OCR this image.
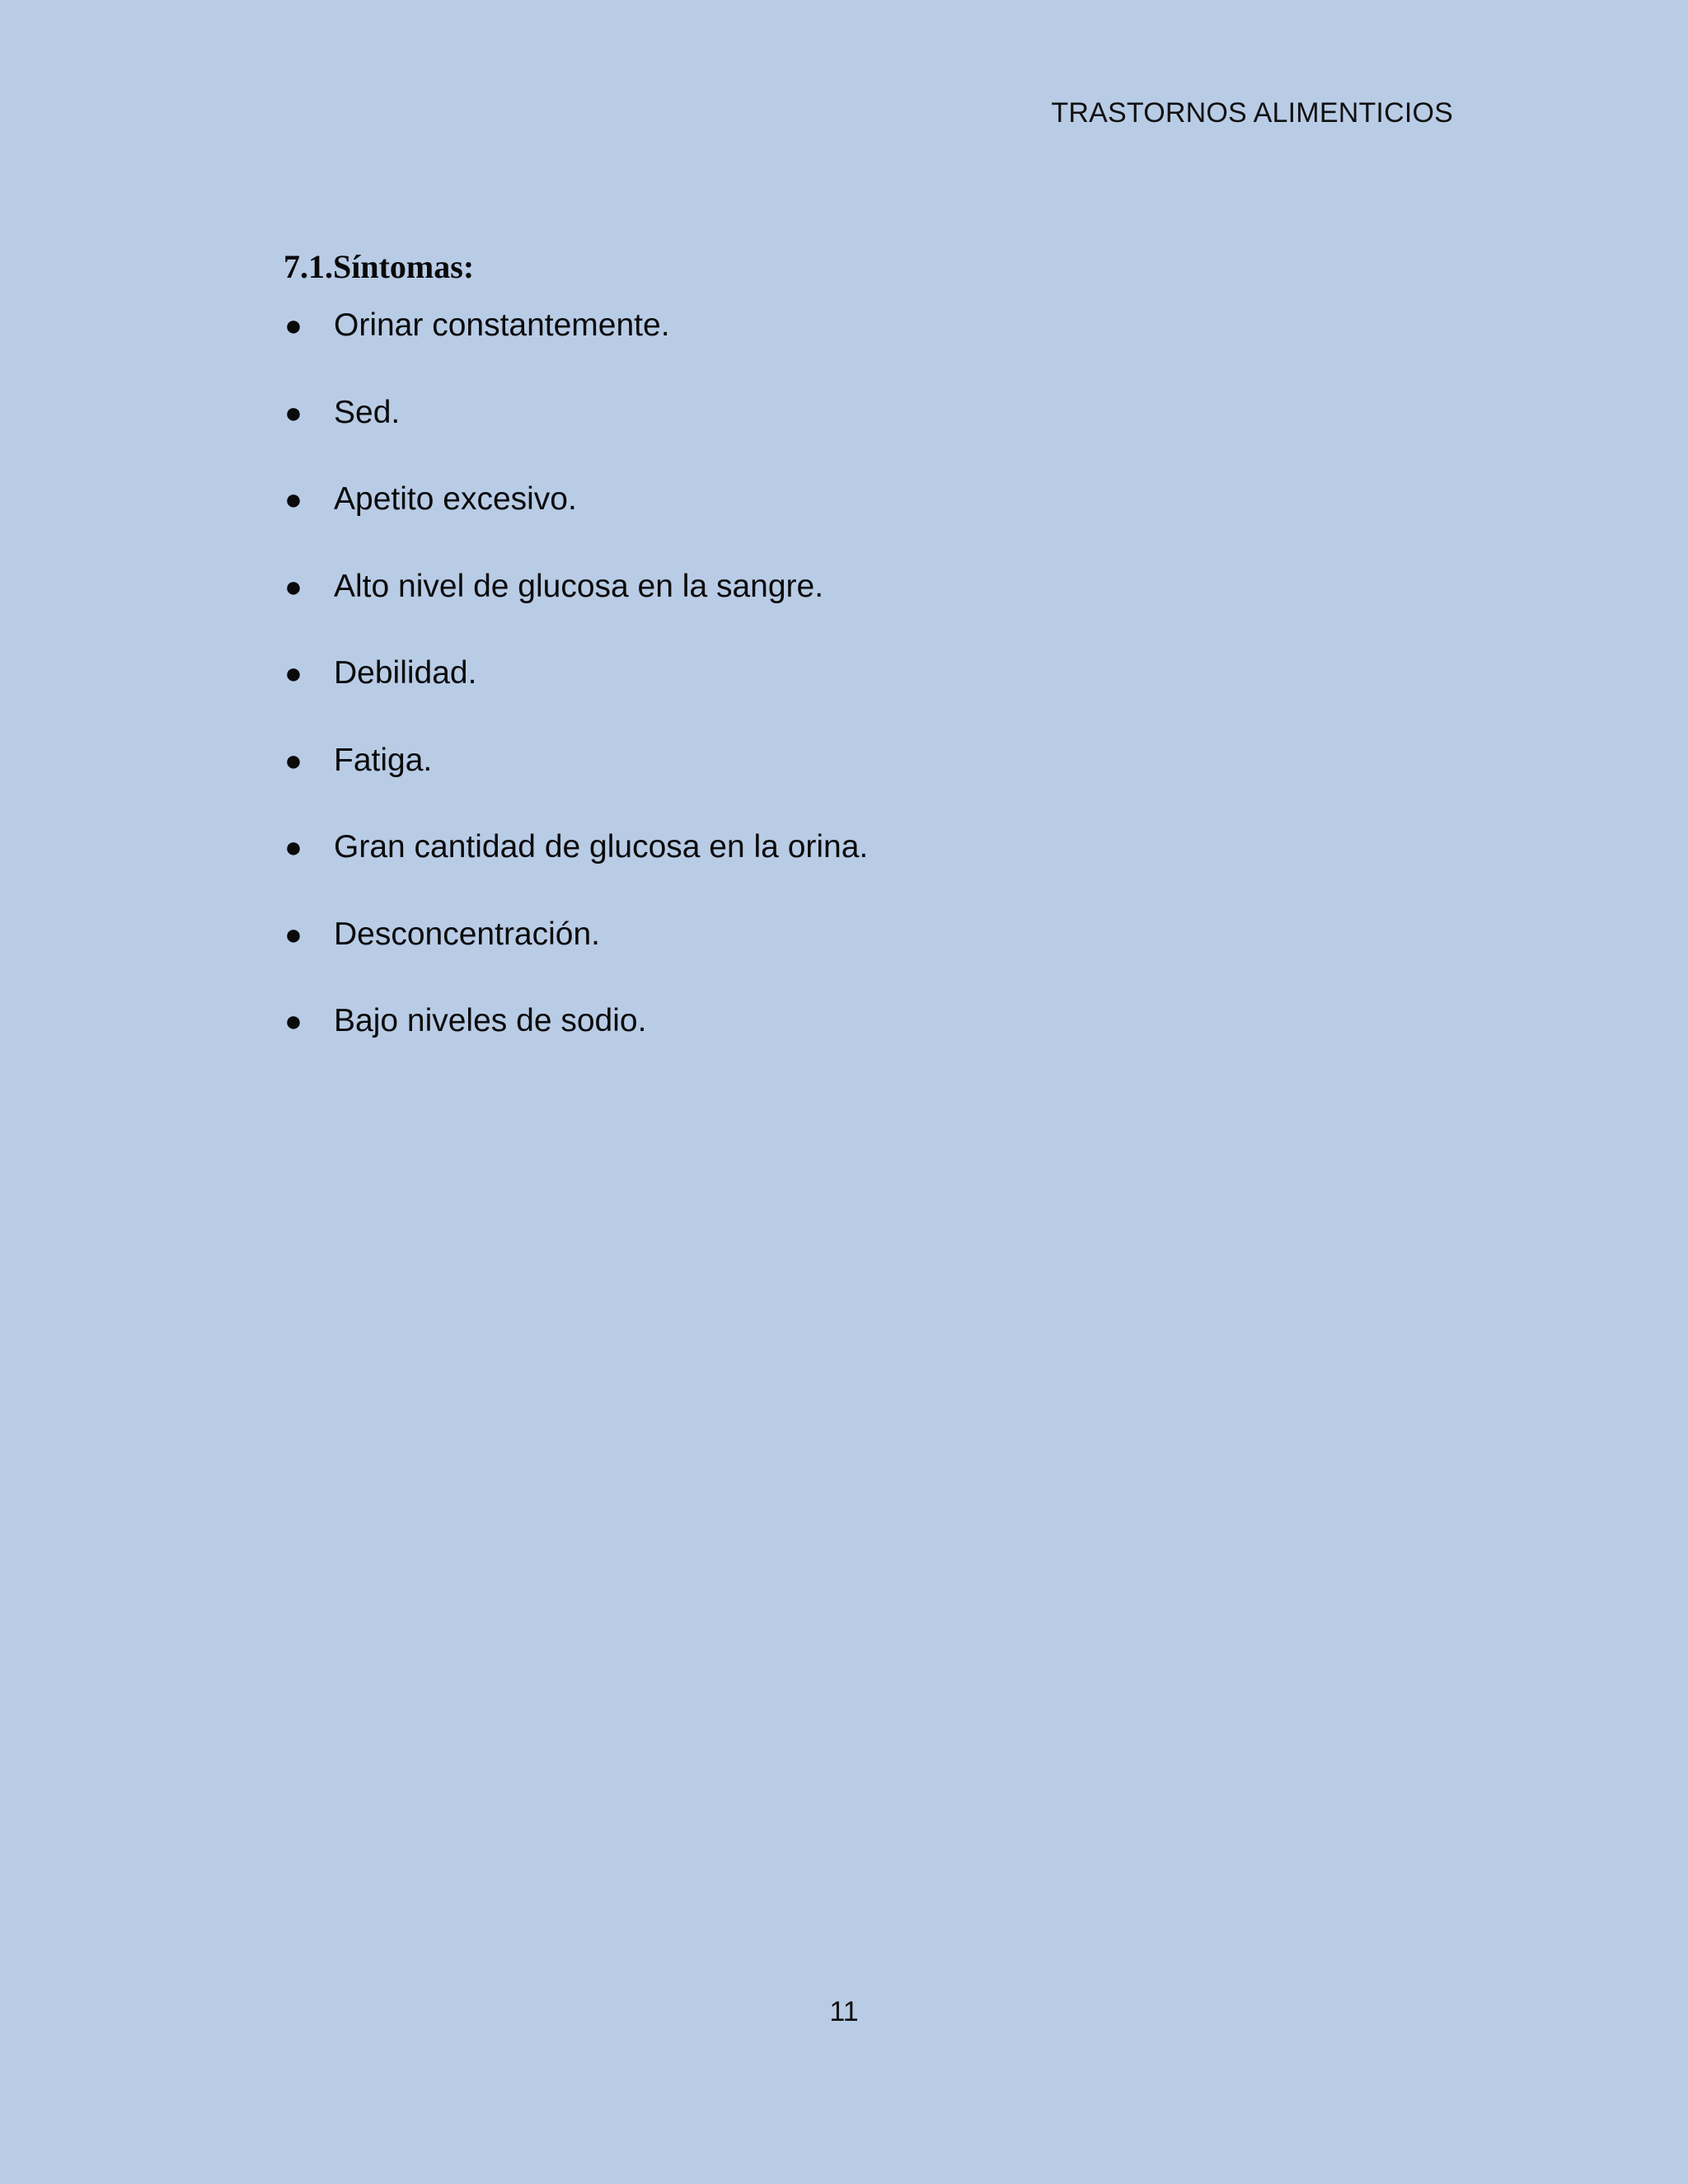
TRASTORNOS ALIMENTICIOS
7.1.Síntomas:
● Orinar constantemente.
● Sed.
● Apetito excesivo.
● Alto nivel de glucosa en la sangre.
● Debilidad.
● Fatiga.
● Gran cantidad de glucosa en la orina.
● Desconcentración.
● Bajo niveles de sodio.
11
